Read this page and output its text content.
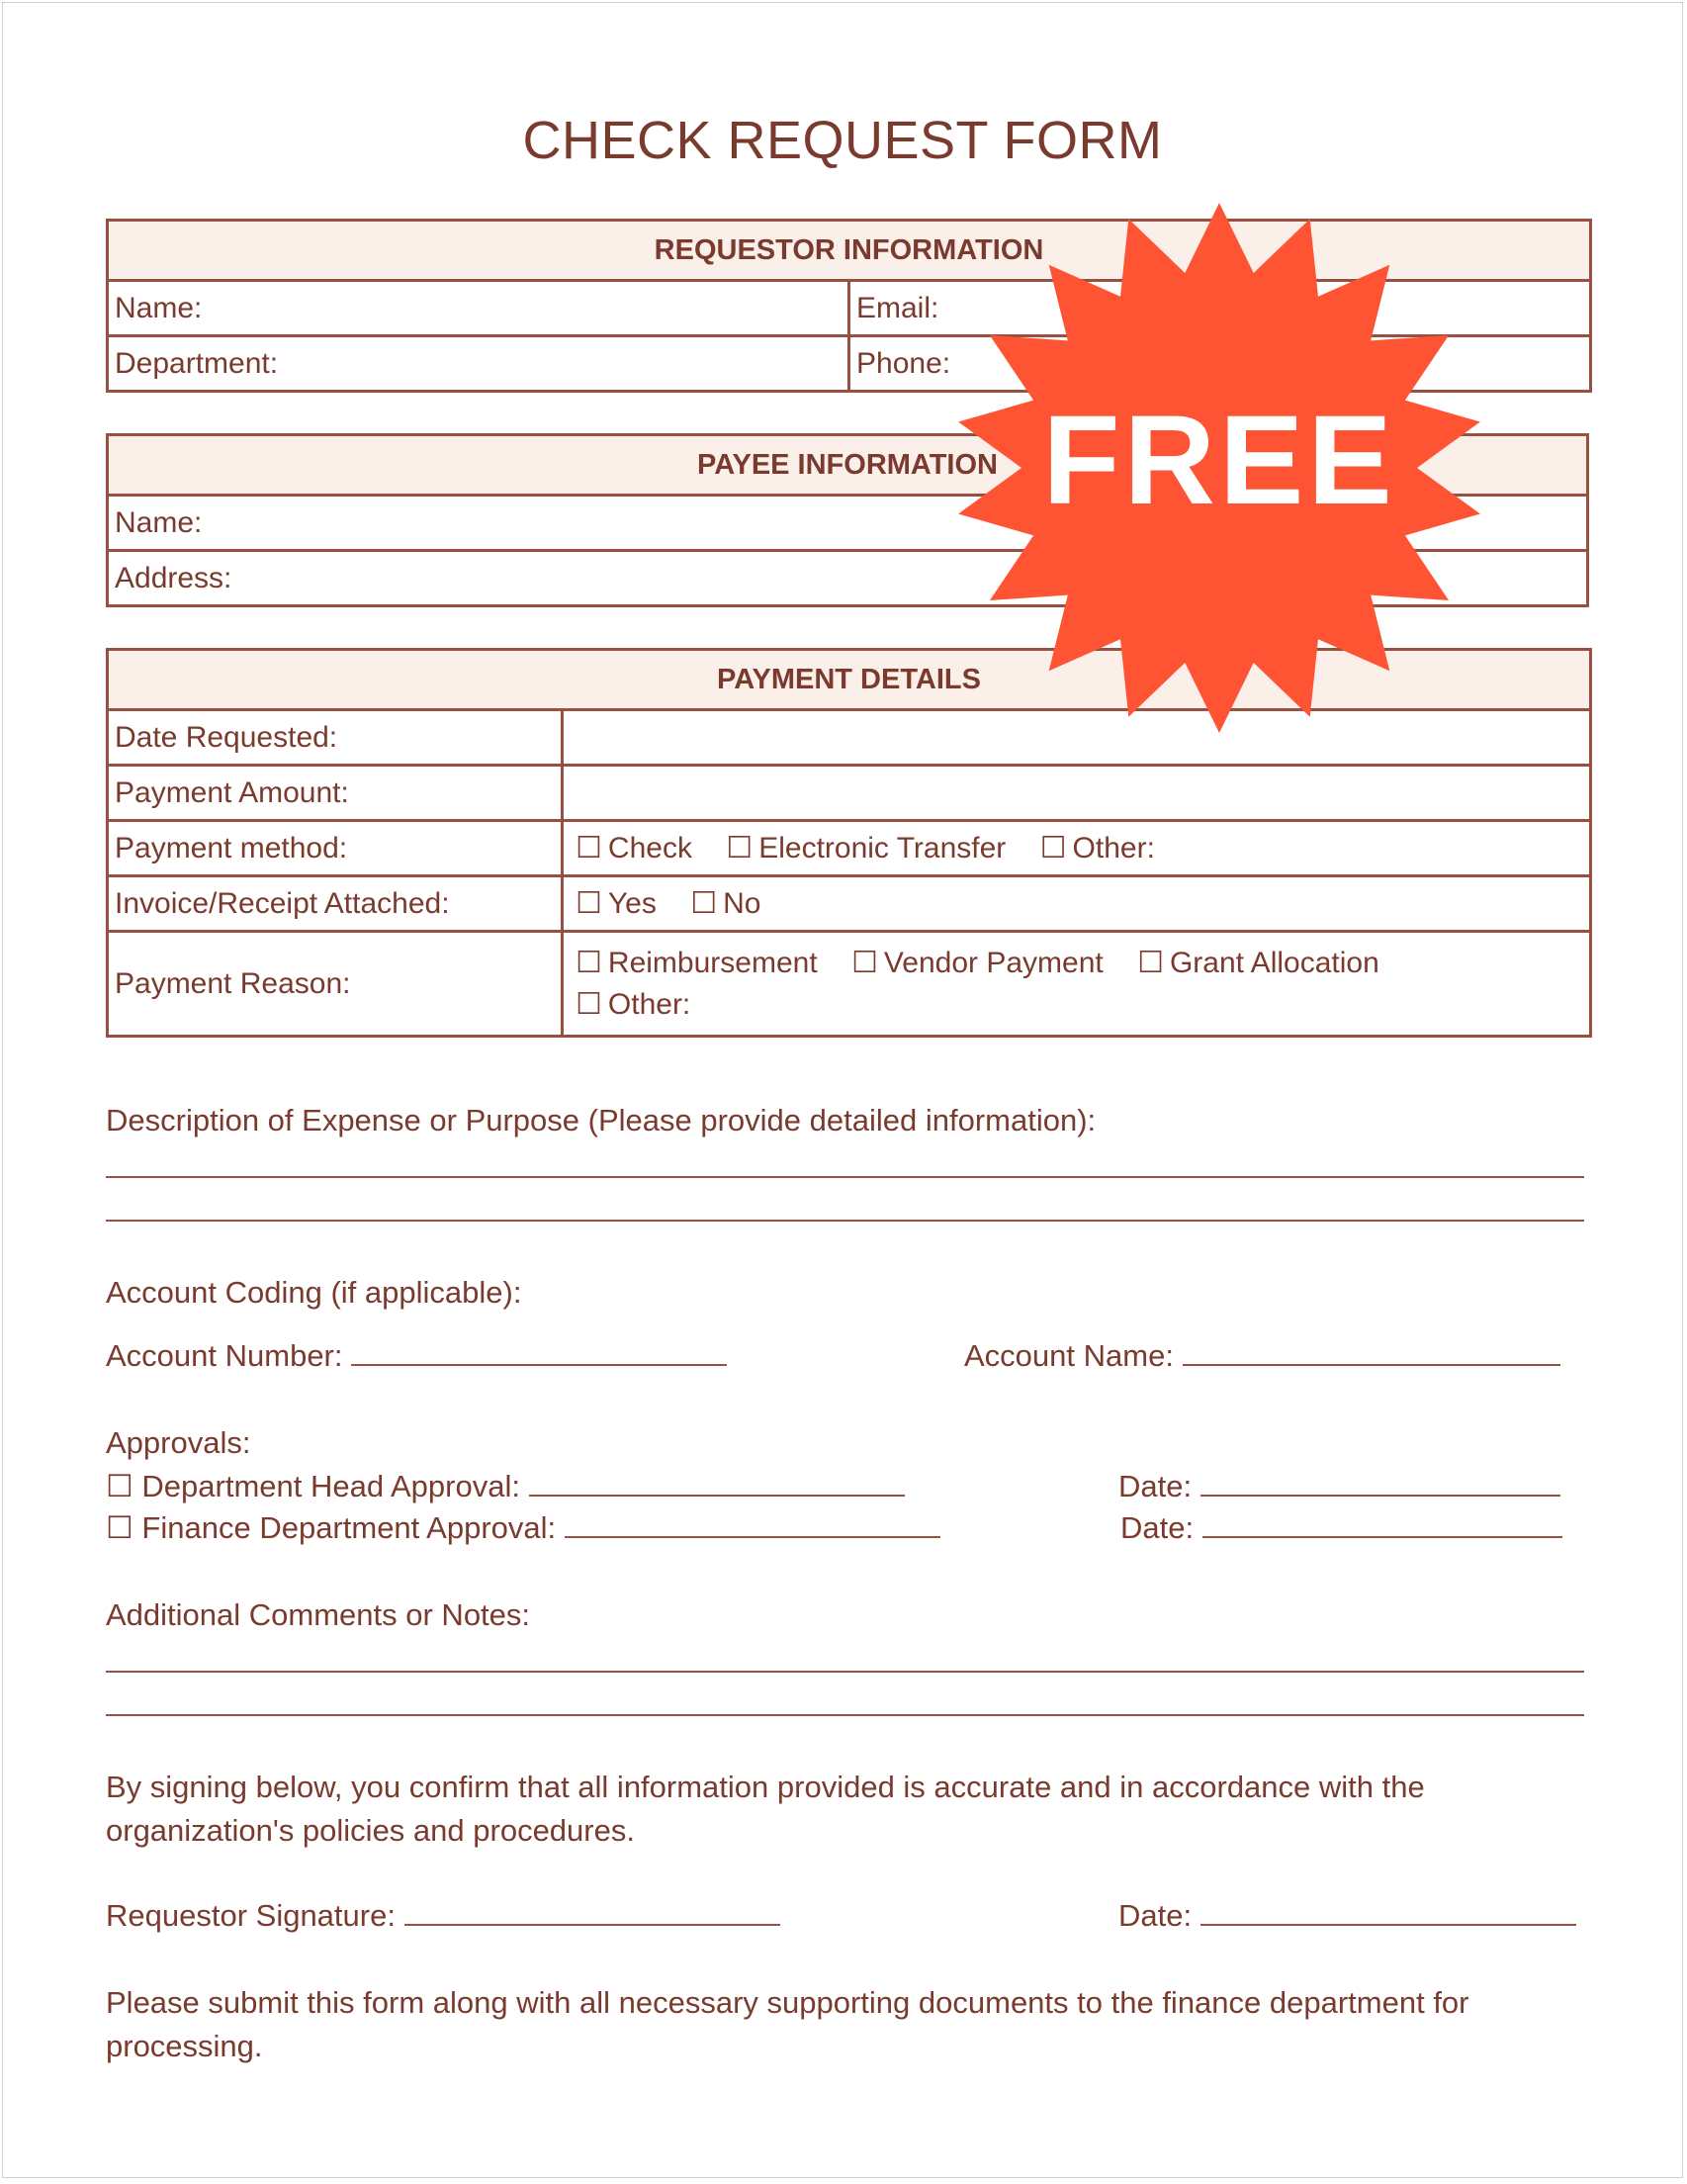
CHECK REQUEST FORM
REQUESTOR INFORMATION	
Name:	Email:
Department:	Phone:
PAYEE INFORMATION
Name:
Address:
PAYMENT DETAILS	
Date Requested:	
Payment Amount:	
Payment method:	☐ Check ☐ Electronic Transfer ☐ Other:
Invoice/Receipt Attached:	☐ Yes ☐ No
Payment Reason:	☐ Reimbursement ☐ Vendor Payment ☐ Grant Allocation
☐ Other:
Description of Expense or Purpose (Please provide detailed information):
Account Coding (if applicable):
Account Number:	Account Name:
Approvals:
☐ Department Head Approval:	Date:
☐ Finance Department Approval:	Date:
Additional Comments or Notes:
By signing below, you confirm that all information provided is accurate and in accordance with the organization's policies and procedures.
Requestor Signature:	Date:
Please submit this form along with all necessary supporting documents to the finance department for processing.
FREE
